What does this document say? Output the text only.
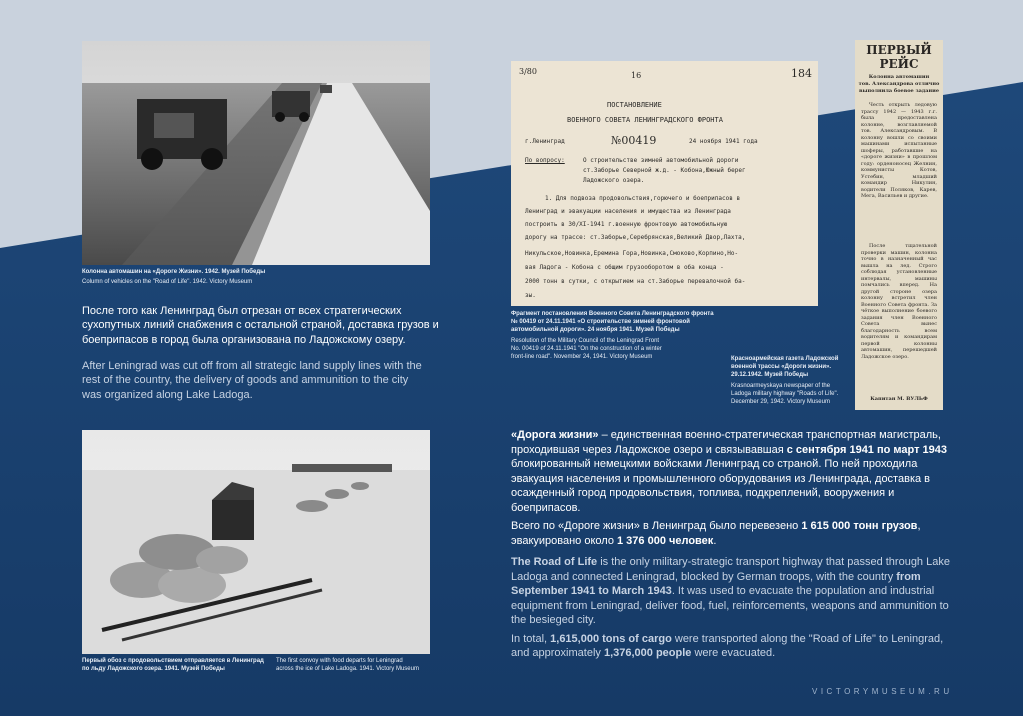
Колонна автомашин на «Дороге Жизни». 1942. Музей Победы
Column of vehicles on the "Road of Life". 1942. Victory Museum
После того как Ленинград был отрезан от всех стратегических сухопутных линий снабжения с остальной страной, доставка грузов и боеприпасов в город была организована по Ладожскому озеру.
After Leningrad was cut off from all strategic land supply lines with the rest of the country, the delivery of goods and ammunition to the city was organized along Lake Ladoga.
Первый обоз с продовольствием отправляется в Ленинград
по льду Ладожского озера. 1941. Музей Победы
The first convoy with food departs for Leningrad
across the ice of Lake Ladoga. 1941. Victory Museum
3/80	16	184
ПОСТАНОВЛЕНИЕ
ВОЕННОГО СОВЕТА ЛЕНИНГРАДСКОГО ФРОНТА
г.Ленинград	№00419	24 ноября 1941 года
По вопросу:	О строительстве зимней автомобильной дороги
ст.Заборье Северной ж.д. - Кобона,Южный берег
Ладожского озера.
1. Для подвоза продовольствия,горючего и боеприпасов в
Ленинград и эвакуации населения и имущества из Ленинграда
построить в 30/XI-1941 г.военную фронтовую автомобильную
дорогу на трассе: ст.Заборье,Серебрянская,Великий Двор,Лахта,
Никульское,Новинка,Еремина Гора,Новинка,Смоково,Корпино,Но-
вая Ладога - Кобона с общим грузооборотом в оба конца -
2000 тонн в сутки, с открытием на ст.Заборье перевалочной ба-
зы.
Фрагмент постановления Военного Совета Ленинградского фронта
№ 00419 от 24.11.1941 «О строительстве зимней фронтовой
автомобильной дороги». 24 ноября 1941. Музей Победы
Resolution of the Military Council of the Leningrad Front
No. 00419 of 24.11.1941 "On the construction of a winter
front-line road". November 24, 1941. Victory Museum
ПЕРВЫЙ
РЕЙС
Колонна автомашин
тов. Александрова отлично
выполнила боевое задание
Честь открыть ледовую трассу 1942 — 1943 г.г. была предоставлена колонне, возглавляемой тов. Александровым. В колонну вошли со своими машинами испытанные шоферы, работавшие на «дороге жизни» в прошлом году: орденоносец Желнин, коммунисты Котов, Устебин, младший командир Никулин, водители Поляков, Карев, Мега, Васильев и другие.
После тщательной проверки машин, колонна точно в назначенный час вышла на лед. Строго соблюдая установленные интервалы, машины помчались вперед. На другой стороне озера колонну встретил член Военного Совета фронта. За чёткое выполнение боевого задания член Военного Совета вынес благодарность всем водителям и командирам первой колонны автомашин, перешедшей Ладожское озеро.
Капитан М. ВУЛЬФ
Красноармейская газета Ладожской
военной трассы «Дороги жизни».
29.12.1942. Музей Победы
Krasnoarmeyskaya newspaper of the
Ladoga military highway "Roads of Life".
December 29, 1942. Victory Museum

«Дорога жизни» – единственная военно-стратегическая транспортная магистраль, проходившая через Ладожское озеро и связывавшая с сентября 1941 по март 1943 блокированный немецкими войсками Ленинград со страной. По ней проходила эвакуация населения и промышленного оборудования из Ленинграда, доставка в осажденный город продовольствия, топлива, подкреплений, вооружения и боеприпасов.

Всего по «Дороге жизни» в Ленинград было перевезено 1 615 000 тонн грузов, эвакуировано около 1 376 000 человек.

The Road of Life is the only military-strategic transport highway that passed through Lake Ladoga and connected Leningrad, blocked by German troops, with the country from September 1941 to March 1943. It was used to evacuate the population and industrial equipment from Leningrad, deliver food, fuel, reinforcements, weapons and ammunition to the besieged city.

In total, 1,615,000 tons of cargo were transported along the "Road of Life" to Leningrad, and approximately 1,376,000 people were evacuated.

VICTORYMUSEUM.RU
